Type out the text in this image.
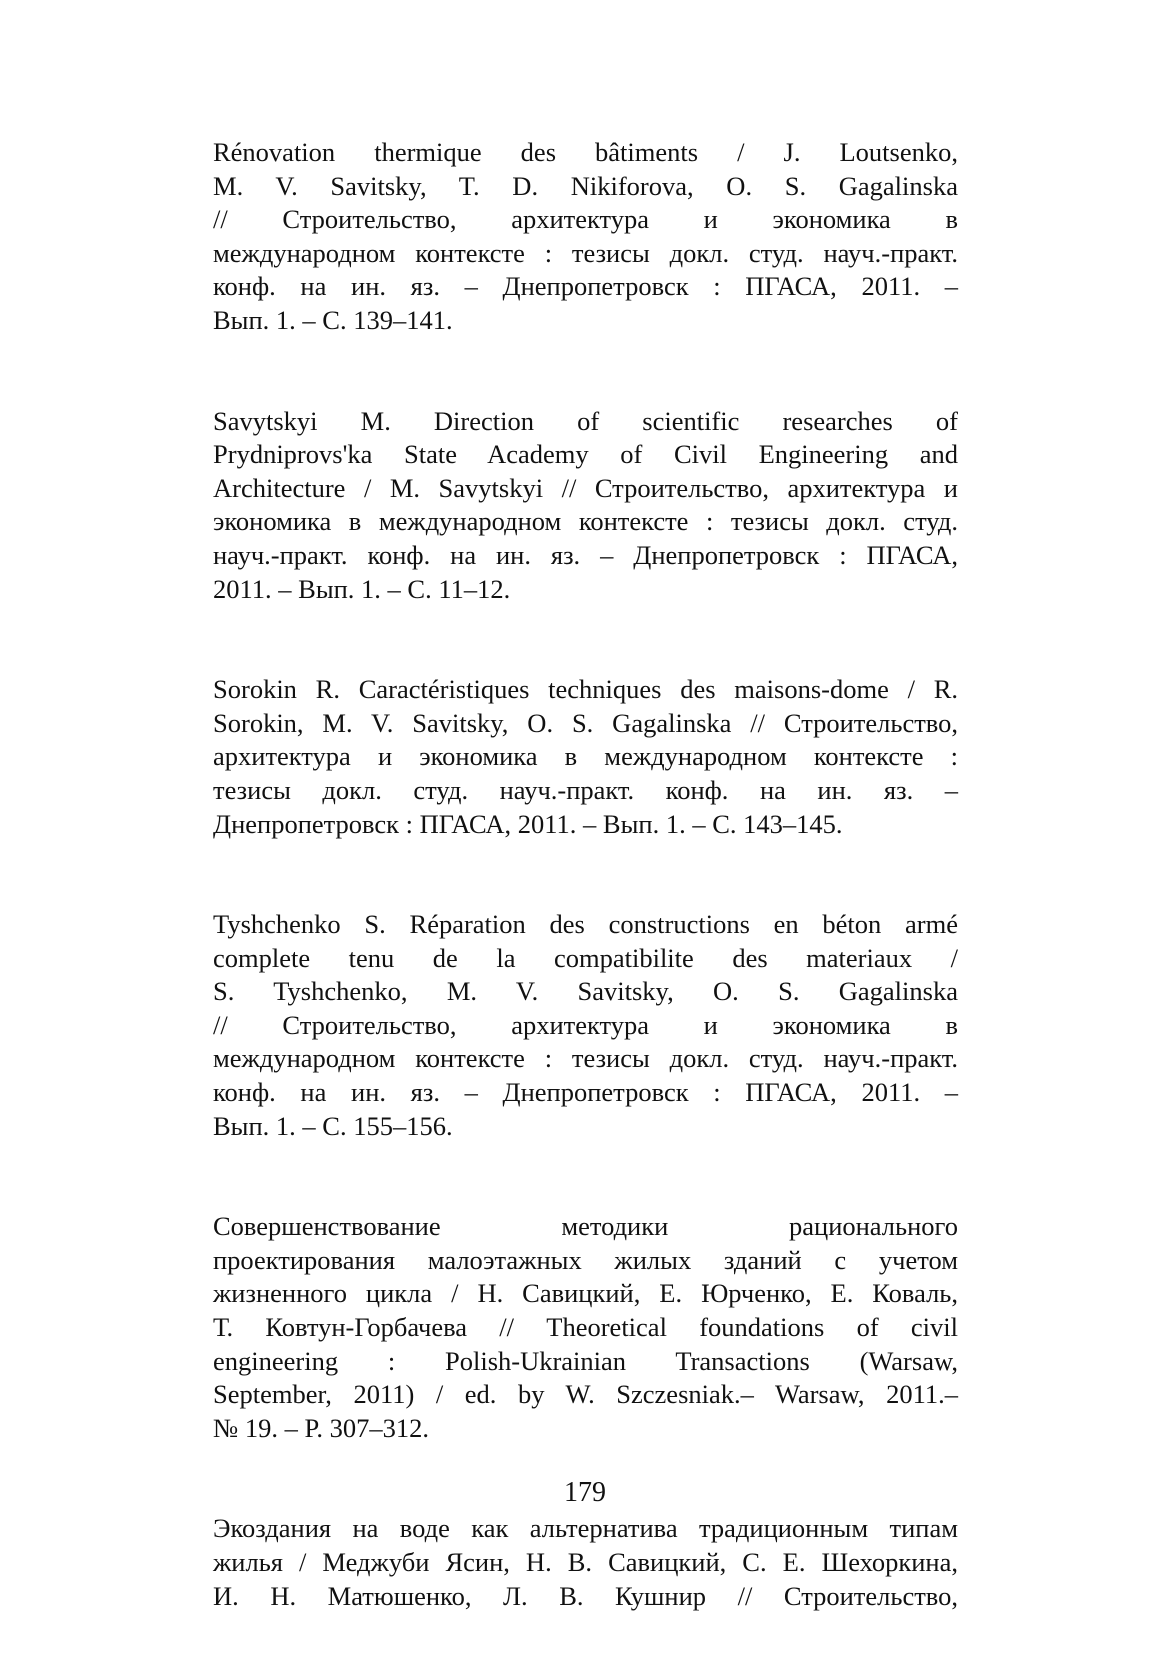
Rénovation thermique des bâtiments / J. Loutsenko,
M. V. Savitsky, T. D. Nikiforova, O. S. Gagalinska
// Строительство, архитектура и экономика в
международном контексте : тезисы докл. студ. науч.-практ.
конф. на ин. яз. – Днепропетровск : ПГАСА, 2011. –
Вып. 1. – С. 139–141.
Savytskyi M. Direction of scientific researches of
Prydniprovs'ka State Academy of Civil Engineering and
Architecture / M. Savytskyi // Строительство, архитектура и
экономика в международном контексте : тезисы докл. студ.
науч.-практ. конф. на ин. яз. – Днепропетровск : ПГАСА,
2011. – Вып. 1. – С. 11–12.
Sorokin R. Caractéristiques techniques des maisons-dome / R.
Sorokin, M. V. Savitsky, O. S. Gagalinska // Строительство,
архитектура и экономика в международном контексте :
тезисы докл. студ. науч.-практ. конф. на ин. яз. –
Днепропетровск : ПГАСА, 2011. – Вып. 1. – С. 143–145.
Tyshchenko S. Réparation des constructions en béton armé
complete tenu de la compatibilite des materiaux /
S. Tyshchenko, M. V. Savitsky, O. S. Gagalinska
// Строительство, архитектура и экономика в
международном контексте : тезисы докл. студ. науч.-практ.
конф. на ин. яз. – Днепропетровск : ПГАСА, 2011. –
Вып. 1. – С. 155–156.
Совершенствование методики рационального
проектирования малоэтажных жилых зданий с учетом
жизненного цикла / Н. Савицкий, Е. Юрченко, Е. Коваль,
Т. Ковтун-Горбачева // Theoretical foundations of civil
engineering : Polish-Ukrainian Transactions (Warsaw,
September, 2011) / ed. by W. Szczesniak.– Warsaw, 2011.–
№ 19. – P. 307–312.
Экоздания на воде как альтернатива традиционным типам
жилья / Меджуби Ясин, Н. В. Савицкий, С. Е. Шехоркина,
И. Н. Матюшенко, Л. В. Кушнир // Строительство,
179
